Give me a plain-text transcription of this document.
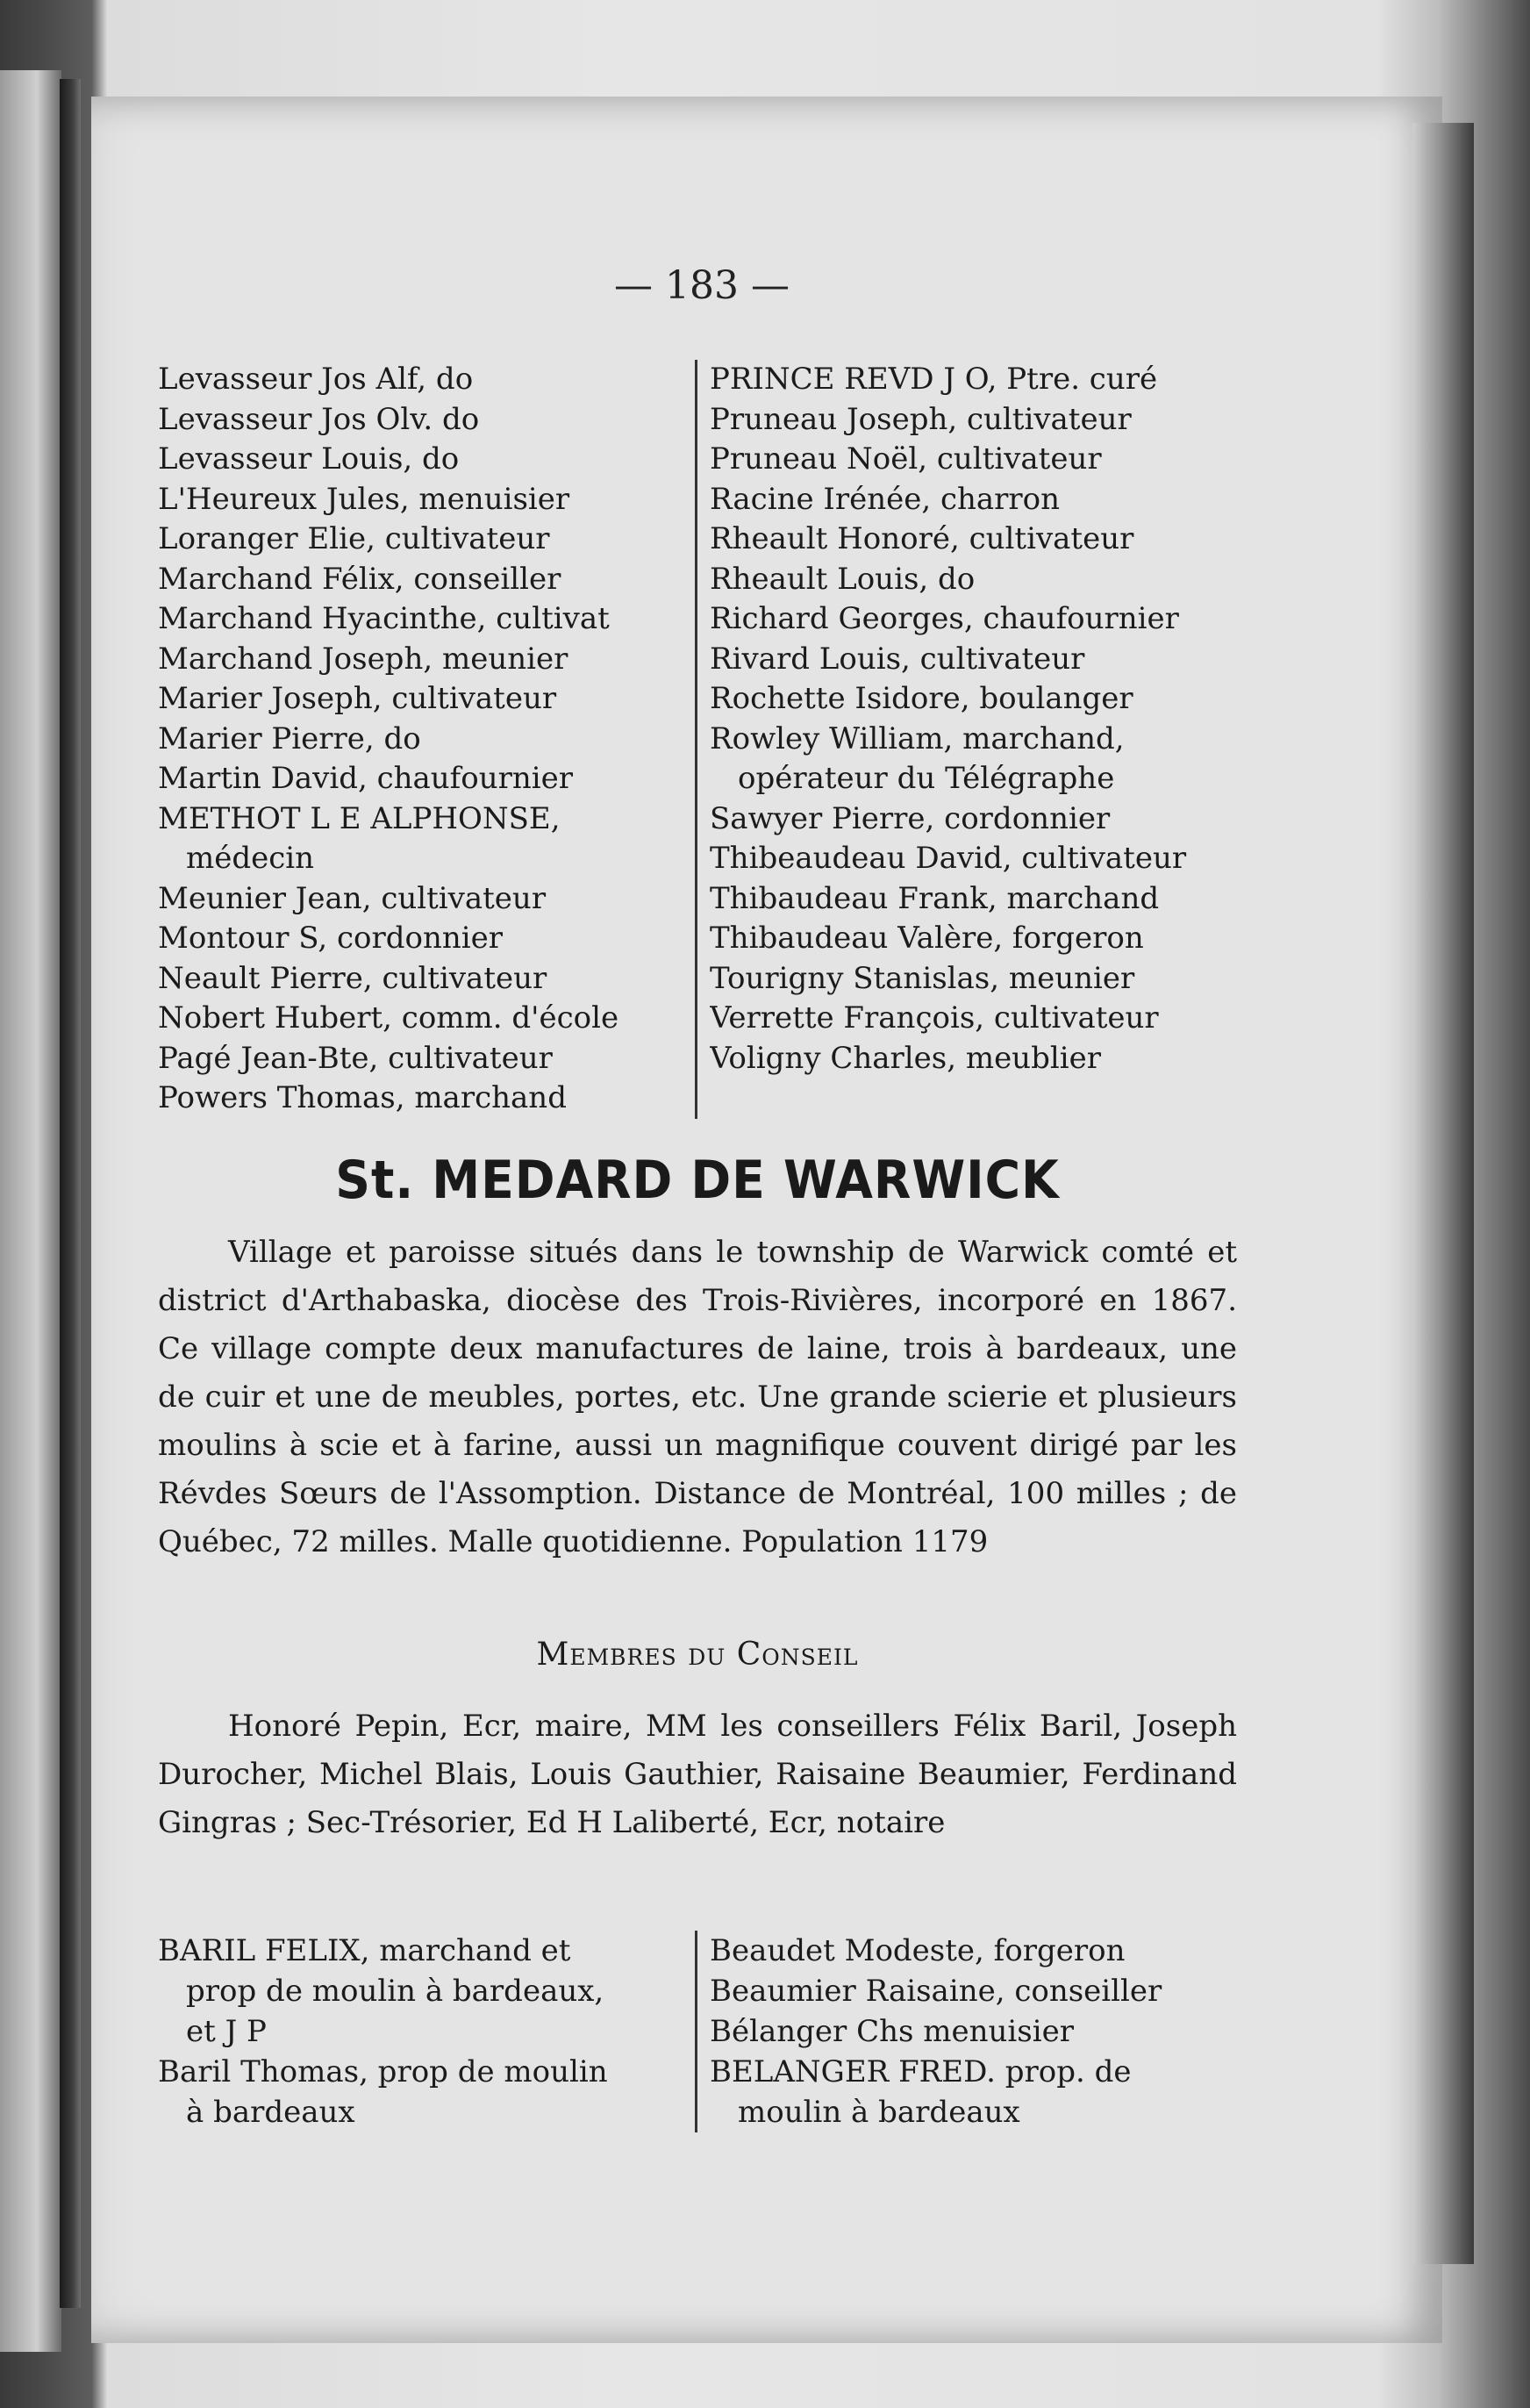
— 183 —
Levasseur Jos Alf, do
Levasseur Jos Olv. do
Levasseur Louis, do
L'Heureux Jules, menuisier
Loranger Elie, cultivateur
Marchand Félix, conseiller
Marchand Hyacinthe, cultivat
Marchand Joseph, meunier
Marier Joseph, cultivateur
Marier Pierre, do
Martin David, chaufournier
METHOT L E ALPHONSE,
médecin
Meunier Jean, cultivateur
Montour S, cordonnier
Neault Pierre, cultivateur
Nobert Hubert, comm. d'école
Pagé Jean-Bte, cultivateur
Powers Thomas, marchand
PRINCE REVD J O, Ptre. curé
Pruneau Joseph, cultivateur
Pruneau Noël, cultivateur
Racine Irénée, charron
Rheault Honoré, cultivateur
Rheault Louis, do
Richard Georges, chaufournier
Rivard Louis, cultivateur
Rochette Isidore, boulanger
Rowley William, marchand,
opérateur du Télégraphe
Sawyer Pierre, cordonnier
Thibeaudeau David, cultivateur
Thibaudeau Frank, marchand
Thibaudeau Valère, forgeron
Tourigny Stanislas, meunier
Verrette François, cultivateur
Voligny Charles, meublier
St. MEDARD DE WARWICK

Village et paroisse situés dans le township de Warwick comté et district d'Arthabaska, diocèse des Trois-Rivières, incorporé en 1867. Ce village compte deux manufactures de laine, trois à bardeaux, une de cuir et une de meubles, portes, etc. Une grande scierie et plusieurs moulins à scie et à farine, aussi un magnifique couvent dirigé par les Révdes Sœurs de l'Assomption. Distance de Montréal, 100 milles ; de Québec, 72 milles. Malle quotidienne. Population 1179

Membres du Conseil

Honoré Pepin, Ecr, maire, MM les conseillers Félix Baril, Joseph Durocher, Michel Blais, Louis Gauthier, Raisaine Beaumier, Ferdinand Gingras ; Sec-Trésorier, Ed H Laliberté, Ecr, notaire

BARIL FELIX, marchand et
prop de moulin à bardeaux,
et J P
Baril Thomas, prop de moulin
à bardeaux
Beaudet Modeste, forgeron
Beaumier Raisaine, conseiller
Bélanger Chs menuisier
BELANGER FRED. prop. de
moulin à bardeaux
